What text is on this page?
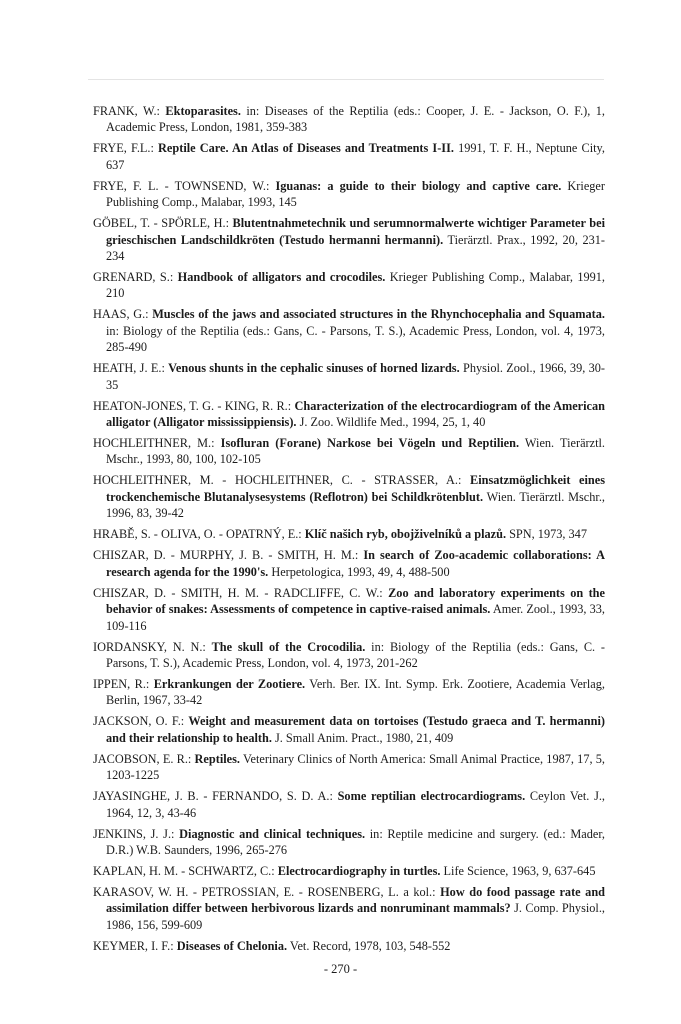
FRANK, W.: Ektoparasites. in: Diseases of the Reptilia (eds.: Cooper, J. E. - Jackson, O. F.), 1, Academic Press, London, 1981, 359-383

FRYE, F.L.: Reptile Care. An Atlas of Diseases and Treatments I-II. 1991, T. F. H., Neptune City, 637

FRYE, F. L. - TOWNSEND, W.: Iguanas: a guide to their biology and captive care. Krieger Publishing Comp., Malabar, 1993, 145

GÖBEL, T. - SPÖRLE, H.: Blutentnahmetechnik und serumnormalwerte wichtiger Parameter bei grieschischen Landschildkröten (Testudo hermanni hermanni). Tierärztl. Prax., 1992, 20, 231-234

GRENARD, S.: Handbook of alligators and crocodiles. Krieger Publishing Comp., Malabar, 1991, 210

HAAS, G.: Muscles of the jaws and associated structures in the Rhynchocephalia and Squamata. in: Biology of the Reptilia (eds.: Gans, C. - Parsons, T. S.), Academic Press, London, vol. 4, 1973, 285-490

HEATH, J. E.: Venous shunts in the cephalic sinuses of horned lizards. Physiol. Zool., 1966, 39, 30-35

HEATON-JONES, T. G. - KING, R. R.: Characterization of the electrocardiogram of the American alligator (Alligator mississippiensis). J. Zoo. Wildlife Med., 1994, 25, 1, 40

HOCHLEITHNER, M.: Isofluran (Forane) Narkose bei Vögeln und Reptilien. Wien. Tierärztl. Mschr., 1993, 80, 100, 102-105

HOCHLEITHNER, M. - HOCHLEITHNER, C. - STRASSER, A.: Einsatzmöglichkeit eines trockenchemische Blutanalysesystems (Reflotron) bei Schildkrötenblut. Wien. Tierärztl. Mschr., 1996, 83, 39-42

HRABĚ, S. - OLIVA, O. - OPATRNÝ, E.: Klíč našich ryb, obojživelníků a plazů. SPN, 1973, 347

CHISZAR, D. - MURPHY, J. B. - SMITH, H. M.: In search of Zoo-academic collaborations: A research agenda for the 1990's. Herpetologica, 1993, 49, 4, 488-500

CHISZAR, D. - SMITH, H. M. - RADCLIFFE, C. W.: Zoo and laboratory experiments on the behavior of snakes: Assessments of competence in captive-raised animals. Amer. Zool., 1993, 33, 109-116

IORDANSKY, N. N.: The skull of the Crocodilia. in: Biology of the Reptilia (eds.: Gans, C. - Parsons, T. S.), Academic Press, London, vol. 4, 1973, 201-262

IPPEN, R.: Erkrankungen der Zootiere. Verh. Ber. IX. Int. Symp. Erk. Zootiere, Academia Verlag, Berlin, 1967, 33-42

JACKSON, O. F.: Weight and measurement data on tortoises (Testudo graeca and T. hermanni) and their relationship to health. J. Small Anim. Pract., 1980, 21, 409

JACOBSON, E. R.: Reptiles. Veterinary Clinics of North America: Small Animal Practice, 1987, 17, 5, 1203-1225

JAYASINGHE, J. B. - FERNANDO, S. D. A.: Some reptilian electrocardiograms. Ceylon Vet. J., 1964, 12, 3, 43-46

JENKINS, J. J.: Diagnostic and clinical techniques. in: Reptile medicine and surgery. (ed.: Mader, D.R.) W.B. Saunders, 1996, 265-276

KAPLAN, H. M. - SCHWARTZ, C.: Electrocardiography in turtles. Life Science, 1963, 9, 637-645

KARASOV, W. H. - PETROSSIAN, E. - ROSENBERG, L. a kol.: How do food passage rate and assimilation differ between herbivorous lizards and nonruminant mammals? J. Comp. Physiol., 1986, 156, 599-609

KEYMER, I. F.: Diseases of Chelonia. Vet. Record, 1978, 103, 548-552

- 270 -
